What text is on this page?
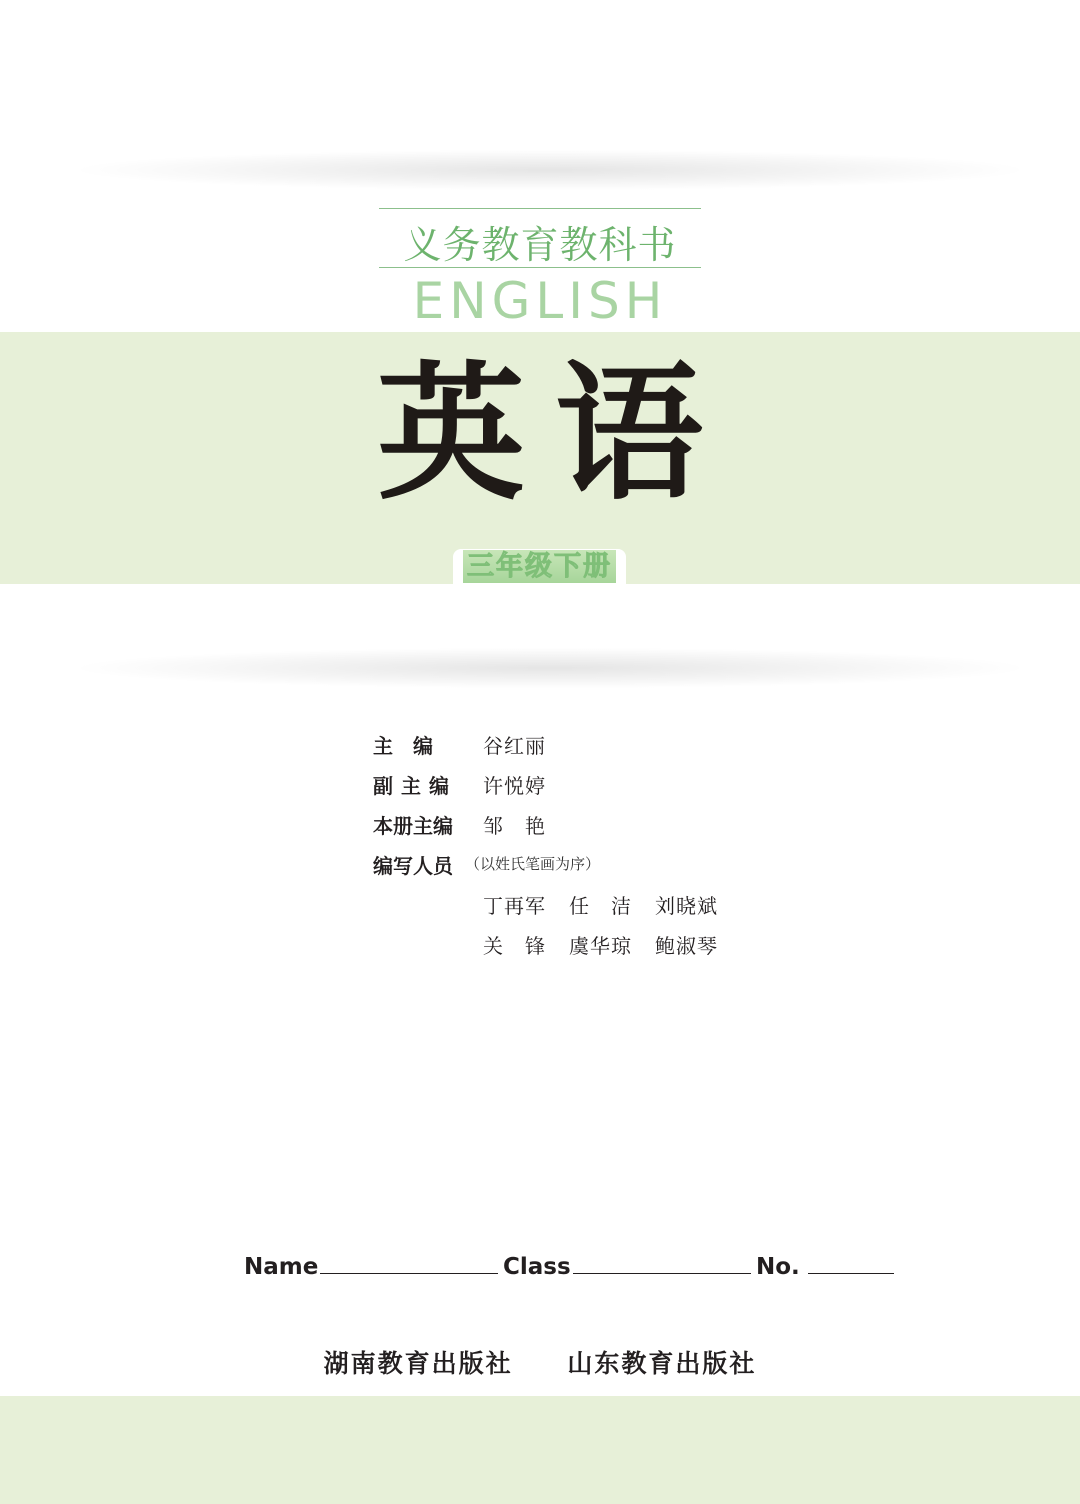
义务教育教科书
ENGLISH
英语
三年级下册
主　编	谷红丽
副主编 许悦婷
本册主编	邹　艳
编写人员 （以姓氏笔画为序）
丁再军	任　洁	刘晓斌
关　锋	虞华琼	鲍淑琴
Name	Class	No.
湖南教育出版社 山东教育出版社
